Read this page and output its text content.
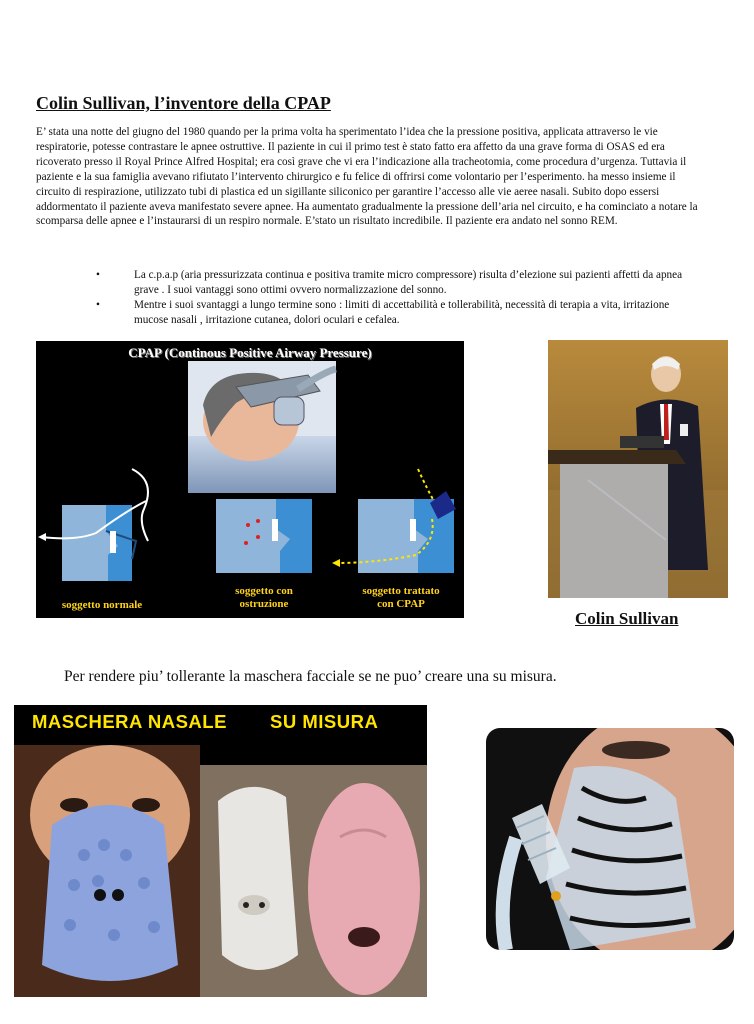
Colin Sullivan, l’inventore della CPAP

E’ stata una notte del giugno del 1980 quando per la prima volta ha sperimentato l’idea che la pressione positiva, applicata attraverso le vie respiratorie, potesse contrastare le apnee ostruttive. Il paziente in cui il primo test è stato fatto era affetto da una grave forma di OSAS ed era ricoverato presso il Royal Prince Alfred Hospital; era così grave che vi era l’indicazione alla tracheotomia, come procedura d’urgenza. Tuttavia il paziente e la sua famiglia avevano rifiutato l’intervento chirurgico e fu felice di offrirsi come volontario per l’esperimento. ha messo insieme il circuito di respirazione, utilizzato tubi di plastica ed un sigillante siliconico per garantire l’accesso alle vie aeree nasali. Subito dopo essersi addormentato il paziente aveva manifestato severe apnee. Ha aumentato gradualmente la pressione dell’aria nel circuito, e ha cominciato a notare la scomparsa delle apnee e l’instaurarsi di un respiro normale. E’stato un risultato incredibile. Il paziente era andato nel sonno REM.

• La c.p.a.p (aria pressurizzata continua e positiva tramite micro compressore) risulta d’elezione sui pazienti affetti da apnea grave . I suoi vantaggi sono ottimi ovvero normalizzazione del sonno.
• Mentre i suoi svantaggi a lungo termine sono : limiti di accettabilità e tollerabilità, necessità di terapia a vita, irritazione mucose nasali , irritazione cutanea, dolori oculari e cefalea.
CPAP (Continous Positive Airway Pressure)
soggetto normale
soggetto con
ostruzione
soggetto trattato
con CPAP

Colin Sullivan

Per rendere piu’ tollerante la maschera facciale se ne puo’ creare una su misura.

MASCHERA NASALE SU MISURA
